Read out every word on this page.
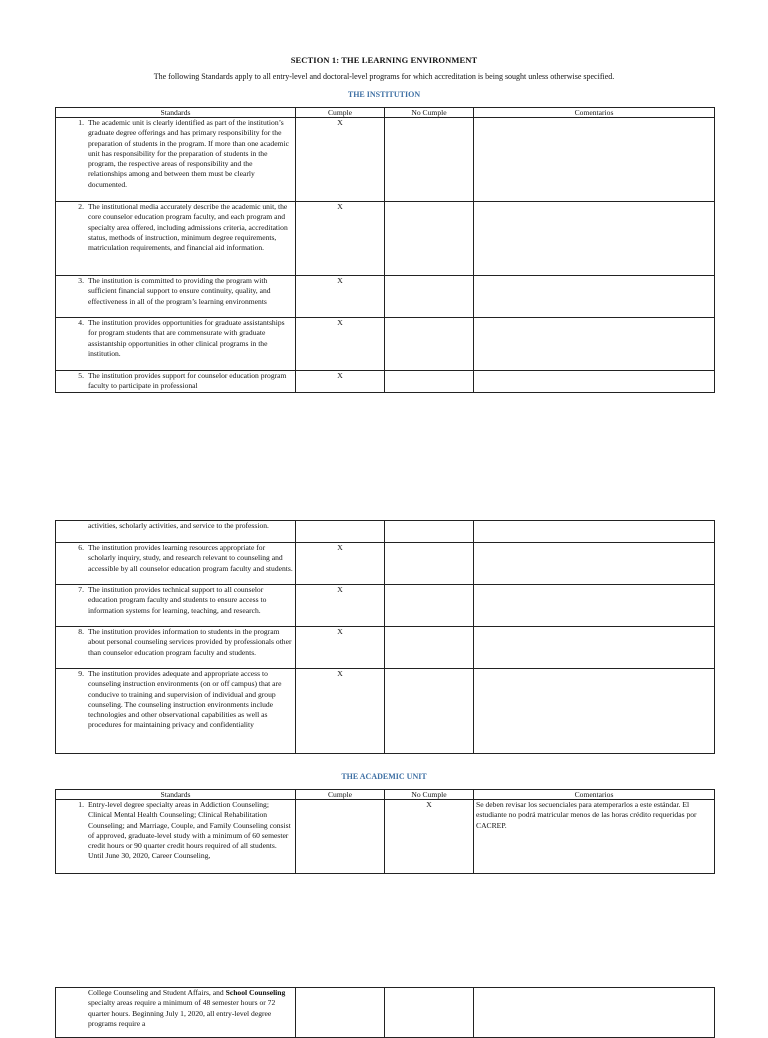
SECTION 1: THE LEARNING ENVIRONMENT
The following Standards apply to all entry-level and doctoral-level programs for which accreditation is being sought unless otherwise specified.
THE INSTITUTION
Standards	Cumple	No Cumple	Comentarios

1. The academic unit is clearly identified as part of the institution’s graduate degree offerings and has primary responsibility for the preparation of students in the program. If more than one academic unit has responsibility for the preparation of students in the program, the respective areas of responsibility and the relationships among and between them must be clearly documented.	X		

2. The institutional media accurately describe the academic unit, the core counselor education program faculty, and each program and specialty area offered, including admissions criteria, accreditation status, methods of instruction, minimum degree requirements, matriculation requirements, and financial aid information.	X		

3. The institution is committed to providing the program with sufficient financial support to ensure continuity, quality, and effectiveness in all of the program’s learning environments	X		

4. The institution provides opportunities for graduate assistantships for program students that are commensurate with graduate assistantship opportunities in other clinical programs in the institution.	X		

5. The institution provides support for counselor education program faculty to participate in professional	X		
activities, scholarly activities, and service to the profession.			

6. The institution provides learning resources appropriate for scholarly inquiry, study, and research relevant to counseling and accessible by all counselor education program faculty and students.	X		

7. The institution provides technical support to all counselor education program faculty and students to ensure access to information systems for learning, teaching, and research.	X		

8. The institution provides information to students in the program about personal counseling services provided by professionals other than counselor education program faculty and students.	X		

9. The institution provides adequate and appropriate access to counseling instruction environments (on or off campus) that are conducive to training and supervision of individual and group counseling. The counseling instruction environments include technologies and other observational capabilities as well as procedures for maintaining privacy and confidentiality	X		
THE ACADEMIC UNIT
Standards	Cumple	No Cumple	Comentarios

1. Entry-level degree specialty areas in Addiction Counseling; Clinical Mental Health Counseling; Clinical Rehabilitation Counseling; and Marriage, Couple, and Family Counseling consist of approved, graduate-level study with a minimum of 60 semester credit hours or 90 quarter credit hours required of all students. Until June 30, 2020, Career Counseling,		X	Se deben revisar los secuenciales para atemperarlos a este estándar. El estudiante no podrá matricular menos de las horas crédito requeridas por CACREP.
College Counseling and Student Affairs, and School Counseling specialty areas require a minimum of 48 semester hours or 72 quarter hours. Beginning July 1, 2020, all entry-level degree programs require a
